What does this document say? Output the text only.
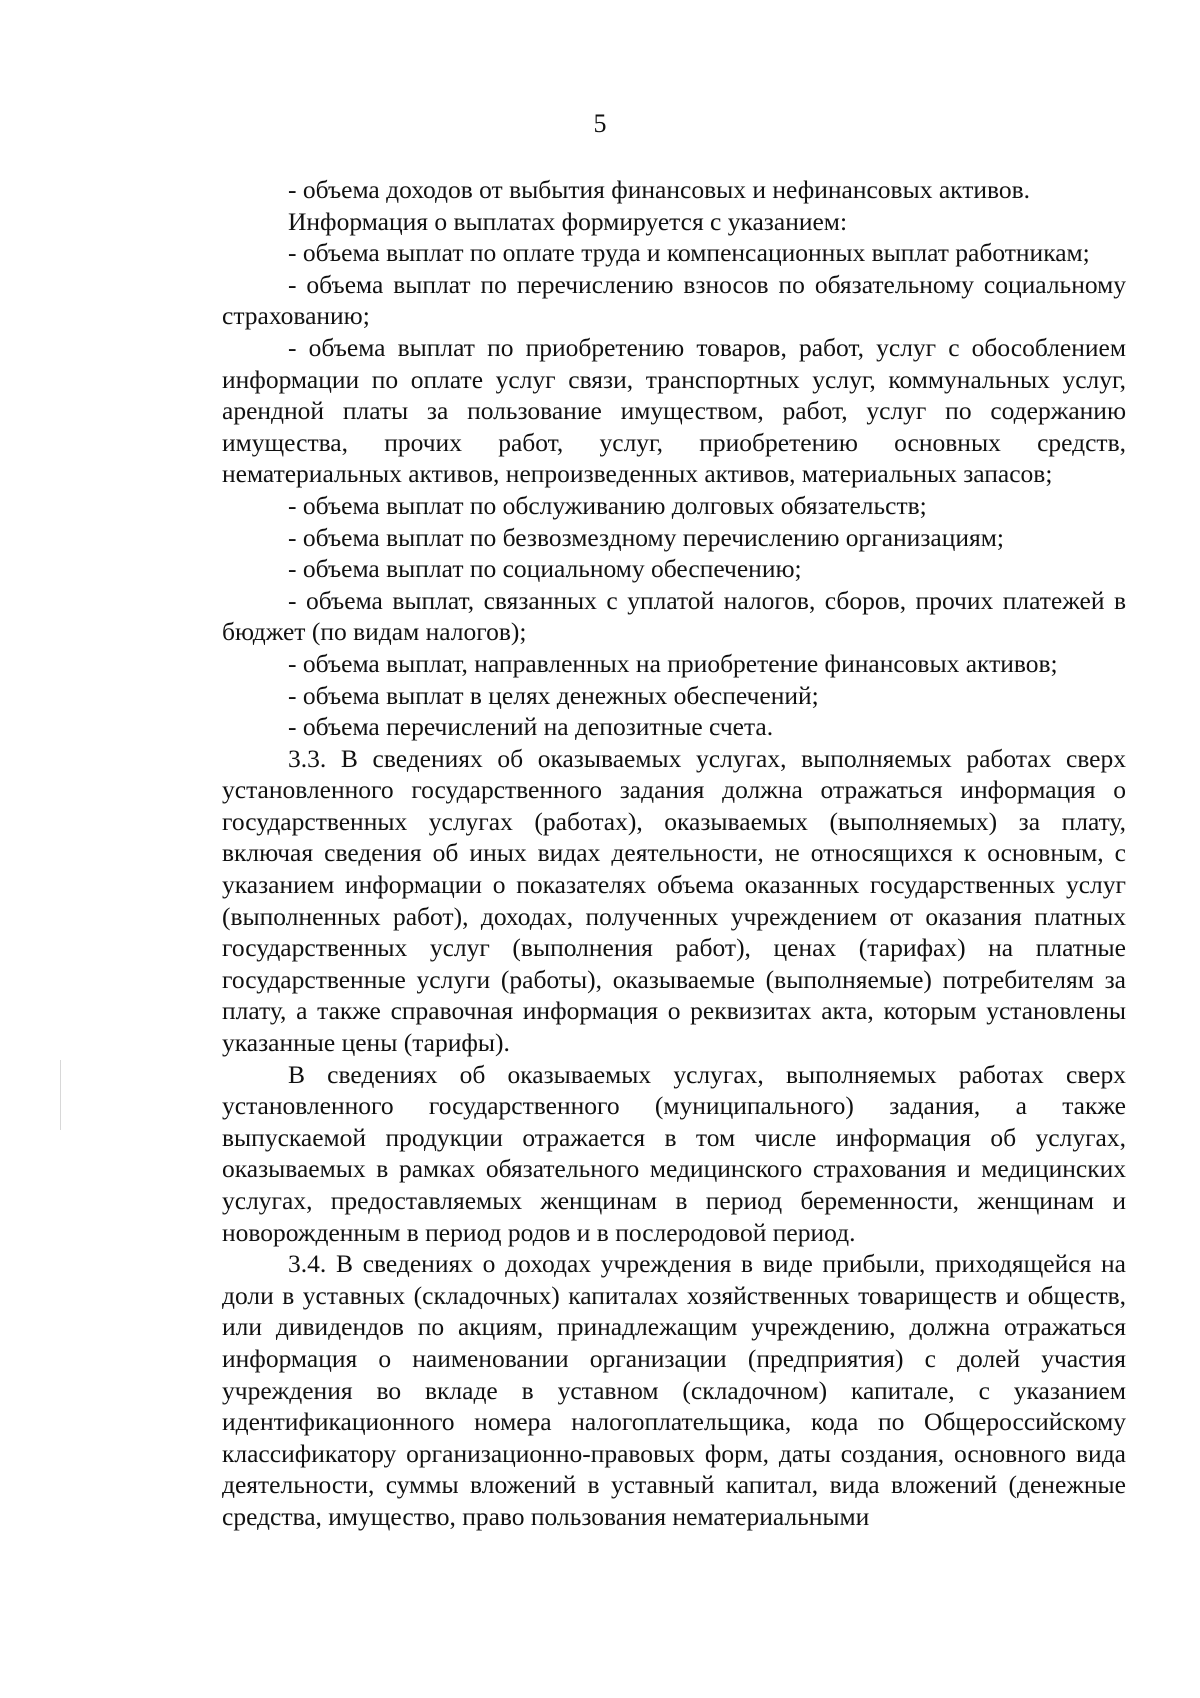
5

- объема доходов от выбытия финансовых и нефинансовых активов.

Информация о выплатах формируется с указанием:

- объема выплат по оплате труда и компенсационных выплат работникам;

- объема выплат по перечислению взносов по обязательному социальному страхованию;

- объема выплат по приобретению товаров, работ, услуг с обособлением информации по оплате услуг связи, транспортных услуг, коммунальных услуг, арендной платы за пользование имуществом, работ, услуг по содержанию имущества, прочих работ, услуг, приобретению основных средств, нематериальных активов, непроизведенных активов, материальных запасов;

- объема выплат по обслуживанию долговых обязательств;

- объема выплат по безвозмездному перечислению организациям;

- объема выплат по социальному обеспечению;

- объема выплат, связанных с уплатой налогов, сборов, прочих платежей в бюджет (по видам налогов);

- объема выплат, направленных на приобретение финансовых активов;

- объема выплат в целях денежных обеспечений;

- объема перечислений на депозитные счета.

3.3. В сведениях об оказываемых услугах, выполняемых работах сверх установленного государственного задания должна отражаться информация о государственных услугах (работах), оказываемых (выполняемых) за плату, включая сведения об иных видах деятельности, не относящихся к основным, с указанием информации о показателях объема оказанных государственных услуг (выполненных работ), доходах, полученных учреждением от оказания платных государственных услуг (выполнения работ), ценах (тарифах) на платные государственные услуги (работы), оказываемые (выполняемые) потребителям за плату, а также справочная информация о реквизитах акта, которым установлены указанные цены (тарифы).

В сведениях об оказываемых услугах, выполняемых работах сверх установленного государственного (муниципального) задания, а также выпускаемой продукции отражается в том числе информация об услугах, оказываемых в рамках обязательного медицинского страхования и медицинских услугах, предоставляемых женщинам в период беременности, женщинам и новорожденным в период родов и в послеродовой период.

3.4. В сведениях о доходах учреждения в виде прибыли, приходящейся на доли в уставных (складочных) капиталах хозяйственных товариществ и обществ, или дивидендов по акциям, принадлежащим учреждению, должна отражаться информация о наименовании организации (предприятия) с долей участия учреждения во вкладе в уставном (складочном) капитале, с указанием идентификационного номера налогоплательщика, кода по Общероссийскому классификатору организационно-правовых форм, даты создания, основного вида деятельности, суммы вложений в уставный капитал, вида вложений (денежные средства, имущество, право пользования нематериальными
